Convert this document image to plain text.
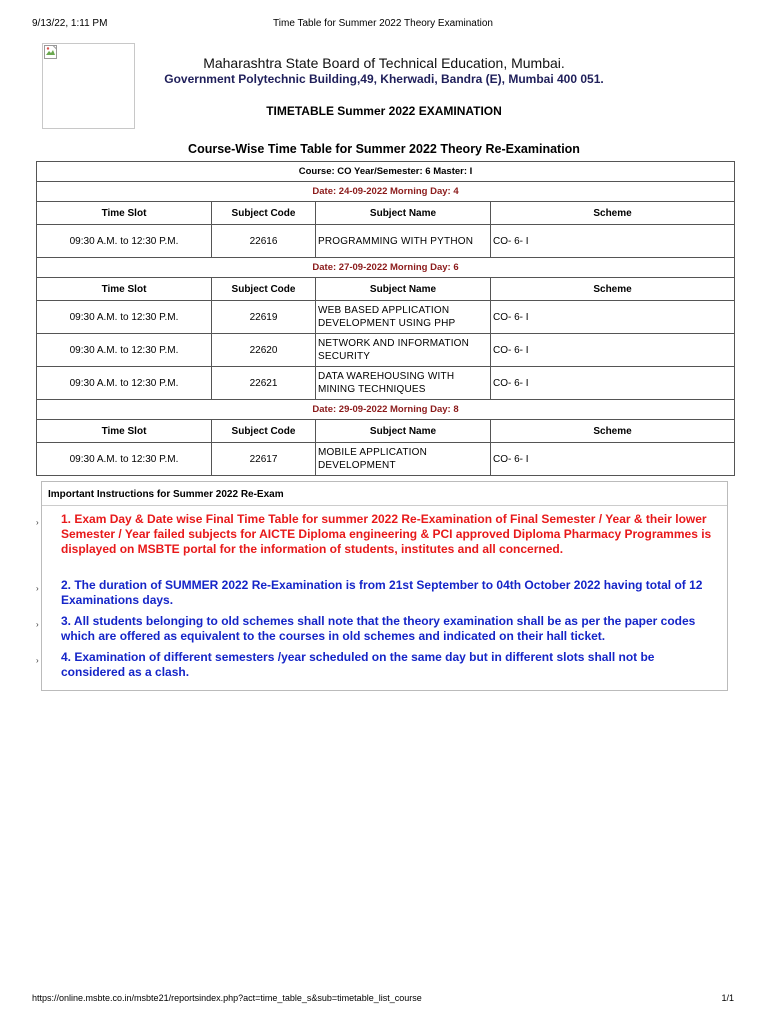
9/13/22, 1:11 PM	Time Table for Summer 2022 Theory Examination
Maharashtra State Board of Technical Education, Mumbai.
Government Polytechnic Building,49, Kherwadi, Bandra (E), Mumbai 400 051.
TIMETABLE Summer 2022 EXAMINATION
Course-Wise Time Table for Summer 2022 Theory Re-Examination
Course: CO Year/Semester: 6 Master: I			
Date: 24-09-2022 Morning Day: 4			
Time Slot	Subject Code	Subject Name	Scheme
09:30 A.M. to 12:30 P.M.	22616	PROGRAMMING WITH PYTHON	CO- 6- I
Date: 27-09-2022 Morning Day: 6			
Time Slot	Subject Code	Subject Name	Scheme
09:30 A.M. to 12:30 P.M.	22619	WEB BASED APPLICATION DEVELOPMENT USING PHP	CO- 6- I
09:30 A.M. to 12:30 P.M.	22620	NETWORK AND INFORMATION SECURITY	CO- 6- I
09:30 A.M. to 12:30 P.M.	22621	DATA WAREHOUSING WITH MINING TECHNIQUES	CO- 6- I
Date: 29-09-2022 Morning Day: 8			
Time Slot	Subject Code	Subject Name	Scheme
09:30 A.M. to 12:30 P.M.	22617	MOBILE APPLICATION DEVELOPMENT	CO- 6- I
Important Instructions for Summer 2022 Re-Exam
› 1. Exam Day & Date wise Final Time Table for summer 2022 Re-Examination of Final Semester / Year & their lower Semester / Year failed subjects for AICTE Diploma engineering & PCI approved Diploma Pharmacy Programmes is displayed on MSBTE portal for the information of students, institutes and all concerned.
› 2. The duration of SUMMER 2022 Re-Examination is from 21st September to 04th October 2022 having total of 12 Examinations days.
› 3. All students belonging to old schemes shall note that the theory examination shall be as per the paper codes which are offered as equivalent to the courses in old schemes and indicated on their hall ticket.
› 4. Examination of different semesters /year scheduled on the same day but in different slots shall not be considered as a clash.
https://online.msbte.co.in/msbte21/reportsindex.php?act=time_table_s&sub=timetable_list_course	1/1
